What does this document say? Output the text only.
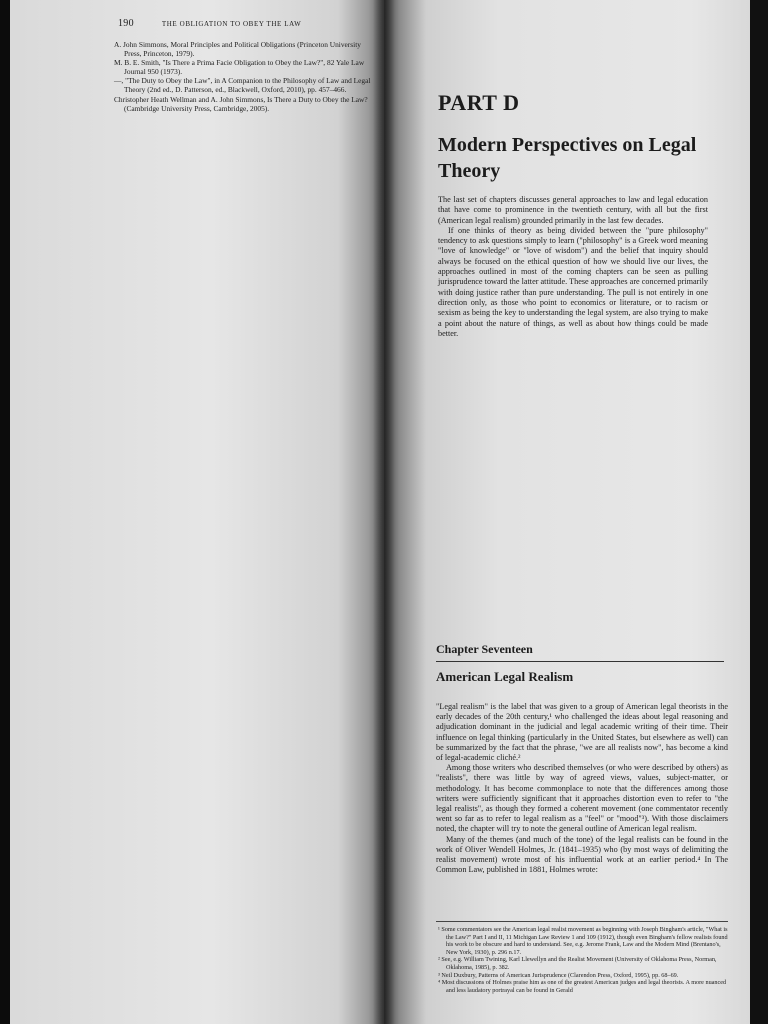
190	THE OBLIGATION TO OBEY THE LAW

A. John Simmons, Moral Principles and Political Obligations (Princeton University Press, Princeton, 1979).

M. B. E. Smith, "Is There a Prima Facie Obligation to Obey the Law?", 82 Yale Law Journal 950 (1973).

—, "The Duty to Obey the Law", in A Companion to the Philosophy of Law and Legal Theory (2nd ed., D. Patterson, ed., Blackwell, Oxford, 2010), pp. 457–466.

Christopher Heath Wellman and A. John Simmons, Is There a Duty to Obey the Law? (Cambridge University Press, Cambridge, 2005).	PART D
Modern Perspectives on Legal Theory

The last set of chapters discusses general approaches to law and legal education that have come to prominence in the twentieth century, with all but the first (American legal realism) grounded primarily in the last few decades.

If one thinks of theory as being divided between the "pure philosophy" tendency to ask questions simply to learn ("philosophy" is a Greek word meaning "love of knowledge" or "love of wisdom") and the belief that inquiry should always be focused on the ethical question of how we should live our lives, the approaches outlined in most of the coming chapters can be seen as pulling jurisprudence toward the latter attitude. These approaches are concerned primarily with doing justice rather than pure understanding. The pull is not entirely in one direction only, as those who point to economics or literature, or to racism or sexism as being the key to understanding the legal system, are also trying to make a point about the nature of things, as well as about how things could be made better.

Chapter Seventeen
American Legal Realism

"Legal realism" is the label that was given to a group of American legal theorists in the early decades of the 20th century,¹ who challenged the ideas about legal reasoning and adjudication dominant in the judicial and legal academic writing of their time. Their influence on legal thinking (particularly in the United States, but elsewhere as well) can be summarized by the fact that the phrase, "we are all realists now", has become a kind of legal-academic cliché.²

Among those writers who described themselves (or who were described by others) as "realists", there was little by way of agreed views, values, subject-matter, or methodology. It has become commonplace to note that the differences among those writers were sufficiently significant that it approaches distortion even to refer to "the legal realists", as though they formed a coherent movement (one commentator recently went so far as to refer to legal realism as a "feel" or "mood"³). With those disclaimers noted, the chapter will try to note the general outline of American legal realism.

Many of the themes (and much of the tone) of the legal realists can be found in the work of Oliver Wendell Holmes, Jr. (1841–1935) who (by most ways of delimiting the realist movement) wrote most of his influential work at an earlier period.⁴ In The Common Law, published in 1881, Holmes wrote:

¹ Some commentators see the American legal realist movement as beginning with Joseph Bingham's article, "What is the Law?" Part I and II, 11 Michigan Law Review 1 and 109 (1912), though even Bingham's fellow realists found his work to be obscure and hard to understand. See, e.g. Jerome Frank, Law and the Modern Mind (Brentano's, New York, 1930), p. 296 n.17.

² See, e.g. William Twining, Karl Llewellyn and the Realist Movement (University of Oklahoma Press, Norman, Oklahoma, 1985), p. 382.

³ Neil Duxbury, Patterns of American Jurisprudence (Clarendon Press, Oxford, 1995), pp. 68–69.

⁴ Most discussions of Holmes praise him as one of the greatest American judges and legal theorists. A more nuanced and less laudatory portrayal can be found in Gerald
